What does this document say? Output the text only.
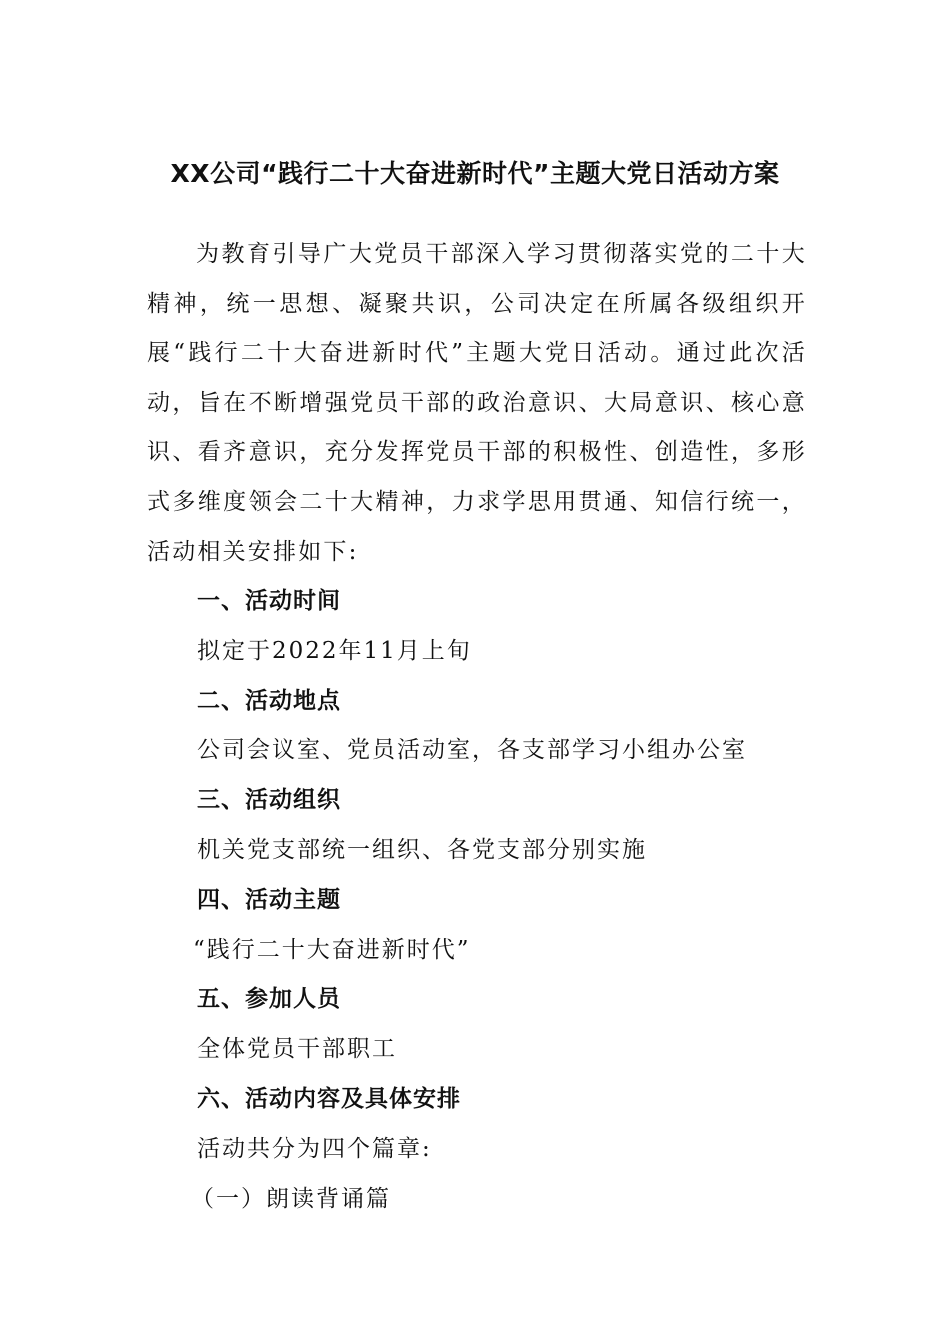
XX公司“践行二十大奋进新时代”主题大党日活动方案

为教育引导广大党员干部深入学习贯彻落实党的二十大精神，统一思想、凝聚共识，公司决定在所属各级组织开展“践行二十大奋进新时代”主题大党日活动。通过此次活动，旨在不断增强党员干部的政治意识、大局意识、核心意识、看齐意识，充分发挥党员干部的积极性、创造性，多形式多维度领会二十大精神，力求学思用贯通、知信行统一，活动相关安排如下:

一、活动时间
拟定于2022年11月上旬
二、活动地点
公司会议室、党员活动室，各支部学习小组办公室
三、活动组织
机关党支部统一组织、各党支部分别实施
四、活动主题
“践行二十大奋进新时代”
五、参加人员
全体党员干部职工
六、活动内容及具体安排
活动共分为四个篇章:
（一）朗读背诵篇
